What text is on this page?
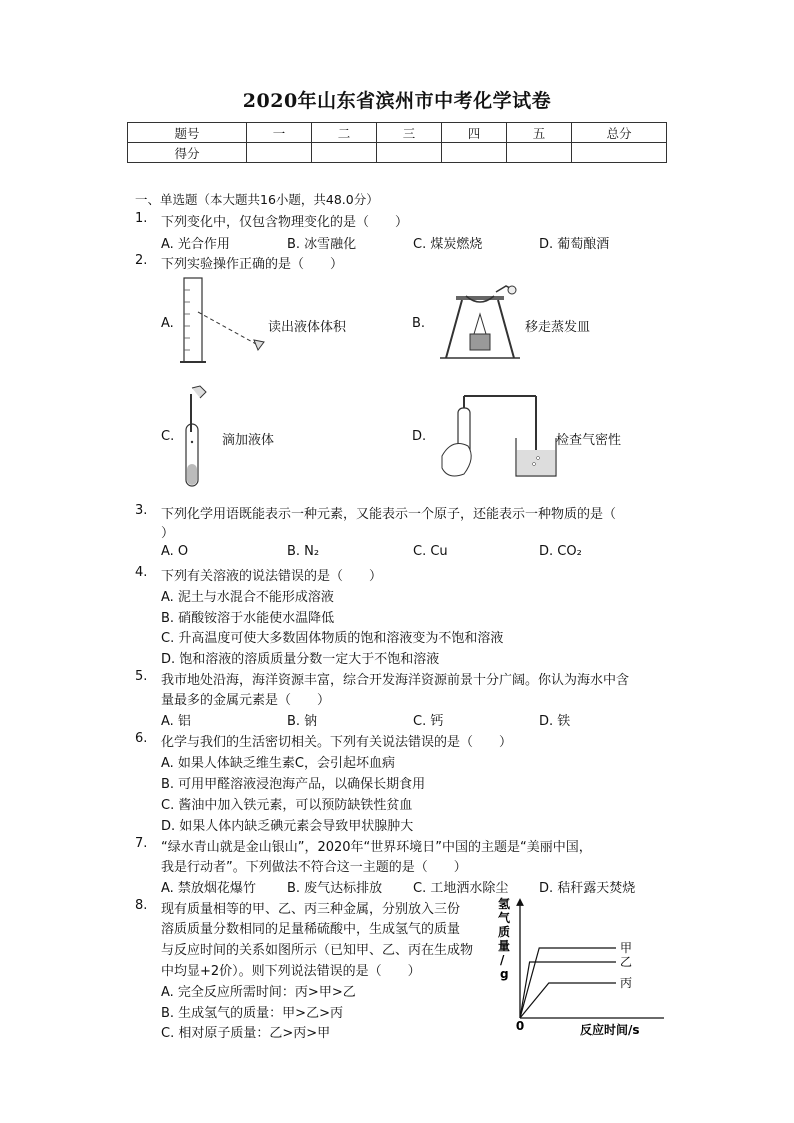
2020年山东省滨州市中考化学试卷
题号	一	二	三	四	五	总分
得分						
一、单选题（本大题共16小题，共48.0分）
1. 下列变化中，仅包含物理变化的是（　　）
A. 光合作用	B. 冰雪融化	C. 煤炭燃烧	D. 葡萄酿酒
2. 下列实验操作正确的是（　　）
A.	读出液体体积	B.	移走蒸发皿
C.	滴加液体	D.	检查气密性
3. 下列化学用语既能表示一种元素，又能表示一个原子，还能表示一种物质的是（
）
A. O	B. N₂	C. Cu	D. CO₂
4. 下列有关溶液的说法错误的是（　　）
A. 泥土与水混合不能形成溶液
B. 硝酸铵溶于水能使水温降低
C. 升高温度可使大多数固体物质的饱和溶液变为不饱和溶液
D. 饱和溶液的溶质质量分数一定大于不饱和溶液
5. 我市地处沿海，海洋资源丰富，综合开发海洋资源前景十分广阔。你认为海水中含
量最多的金属元素是（　　）
A. 铝	B. 钠	C. 钙	D. 铁
6. 化学与我们的生活密切相关。下列有关说法错误的是（　　）
A. 如果人体缺乏维生素C，会引起坏血病
B. 可用甲醛溶液浸泡海产品，以确保长期食用
C. 酱油中加入铁元素，可以预防缺铁性贫血
D. 如果人体内缺乏碘元素会导致甲状腺肿大
7. “绿水青山就是金山银山”，2020年“世界环境日”中国的主题是“美丽中国，
我是行动者”。下列做法不符合这一主题的是（　　）
A. 禁放烟花爆竹 B. 废气达标排放 C. 工地洒水除尘 D. 秸秆露天焚烧
8. 现有质量相等的甲、乙、丙三种金属，分别放入三份
溶质质量分数相同的足量稀硫酸中，生成氢气的质量
与反应时间的关系如图所示（已知甲、乙、丙在生成物
中均显+2价）。则下列说法错误的是（　　）
A. 完全反应所需时间：丙>甲>乙
B. 生成氢气的质量：甲>乙>丙
C. 相对原子质量：乙>丙>甲
氢
气
质
量
/
g
0	反应时间/s
甲
乙
丙
